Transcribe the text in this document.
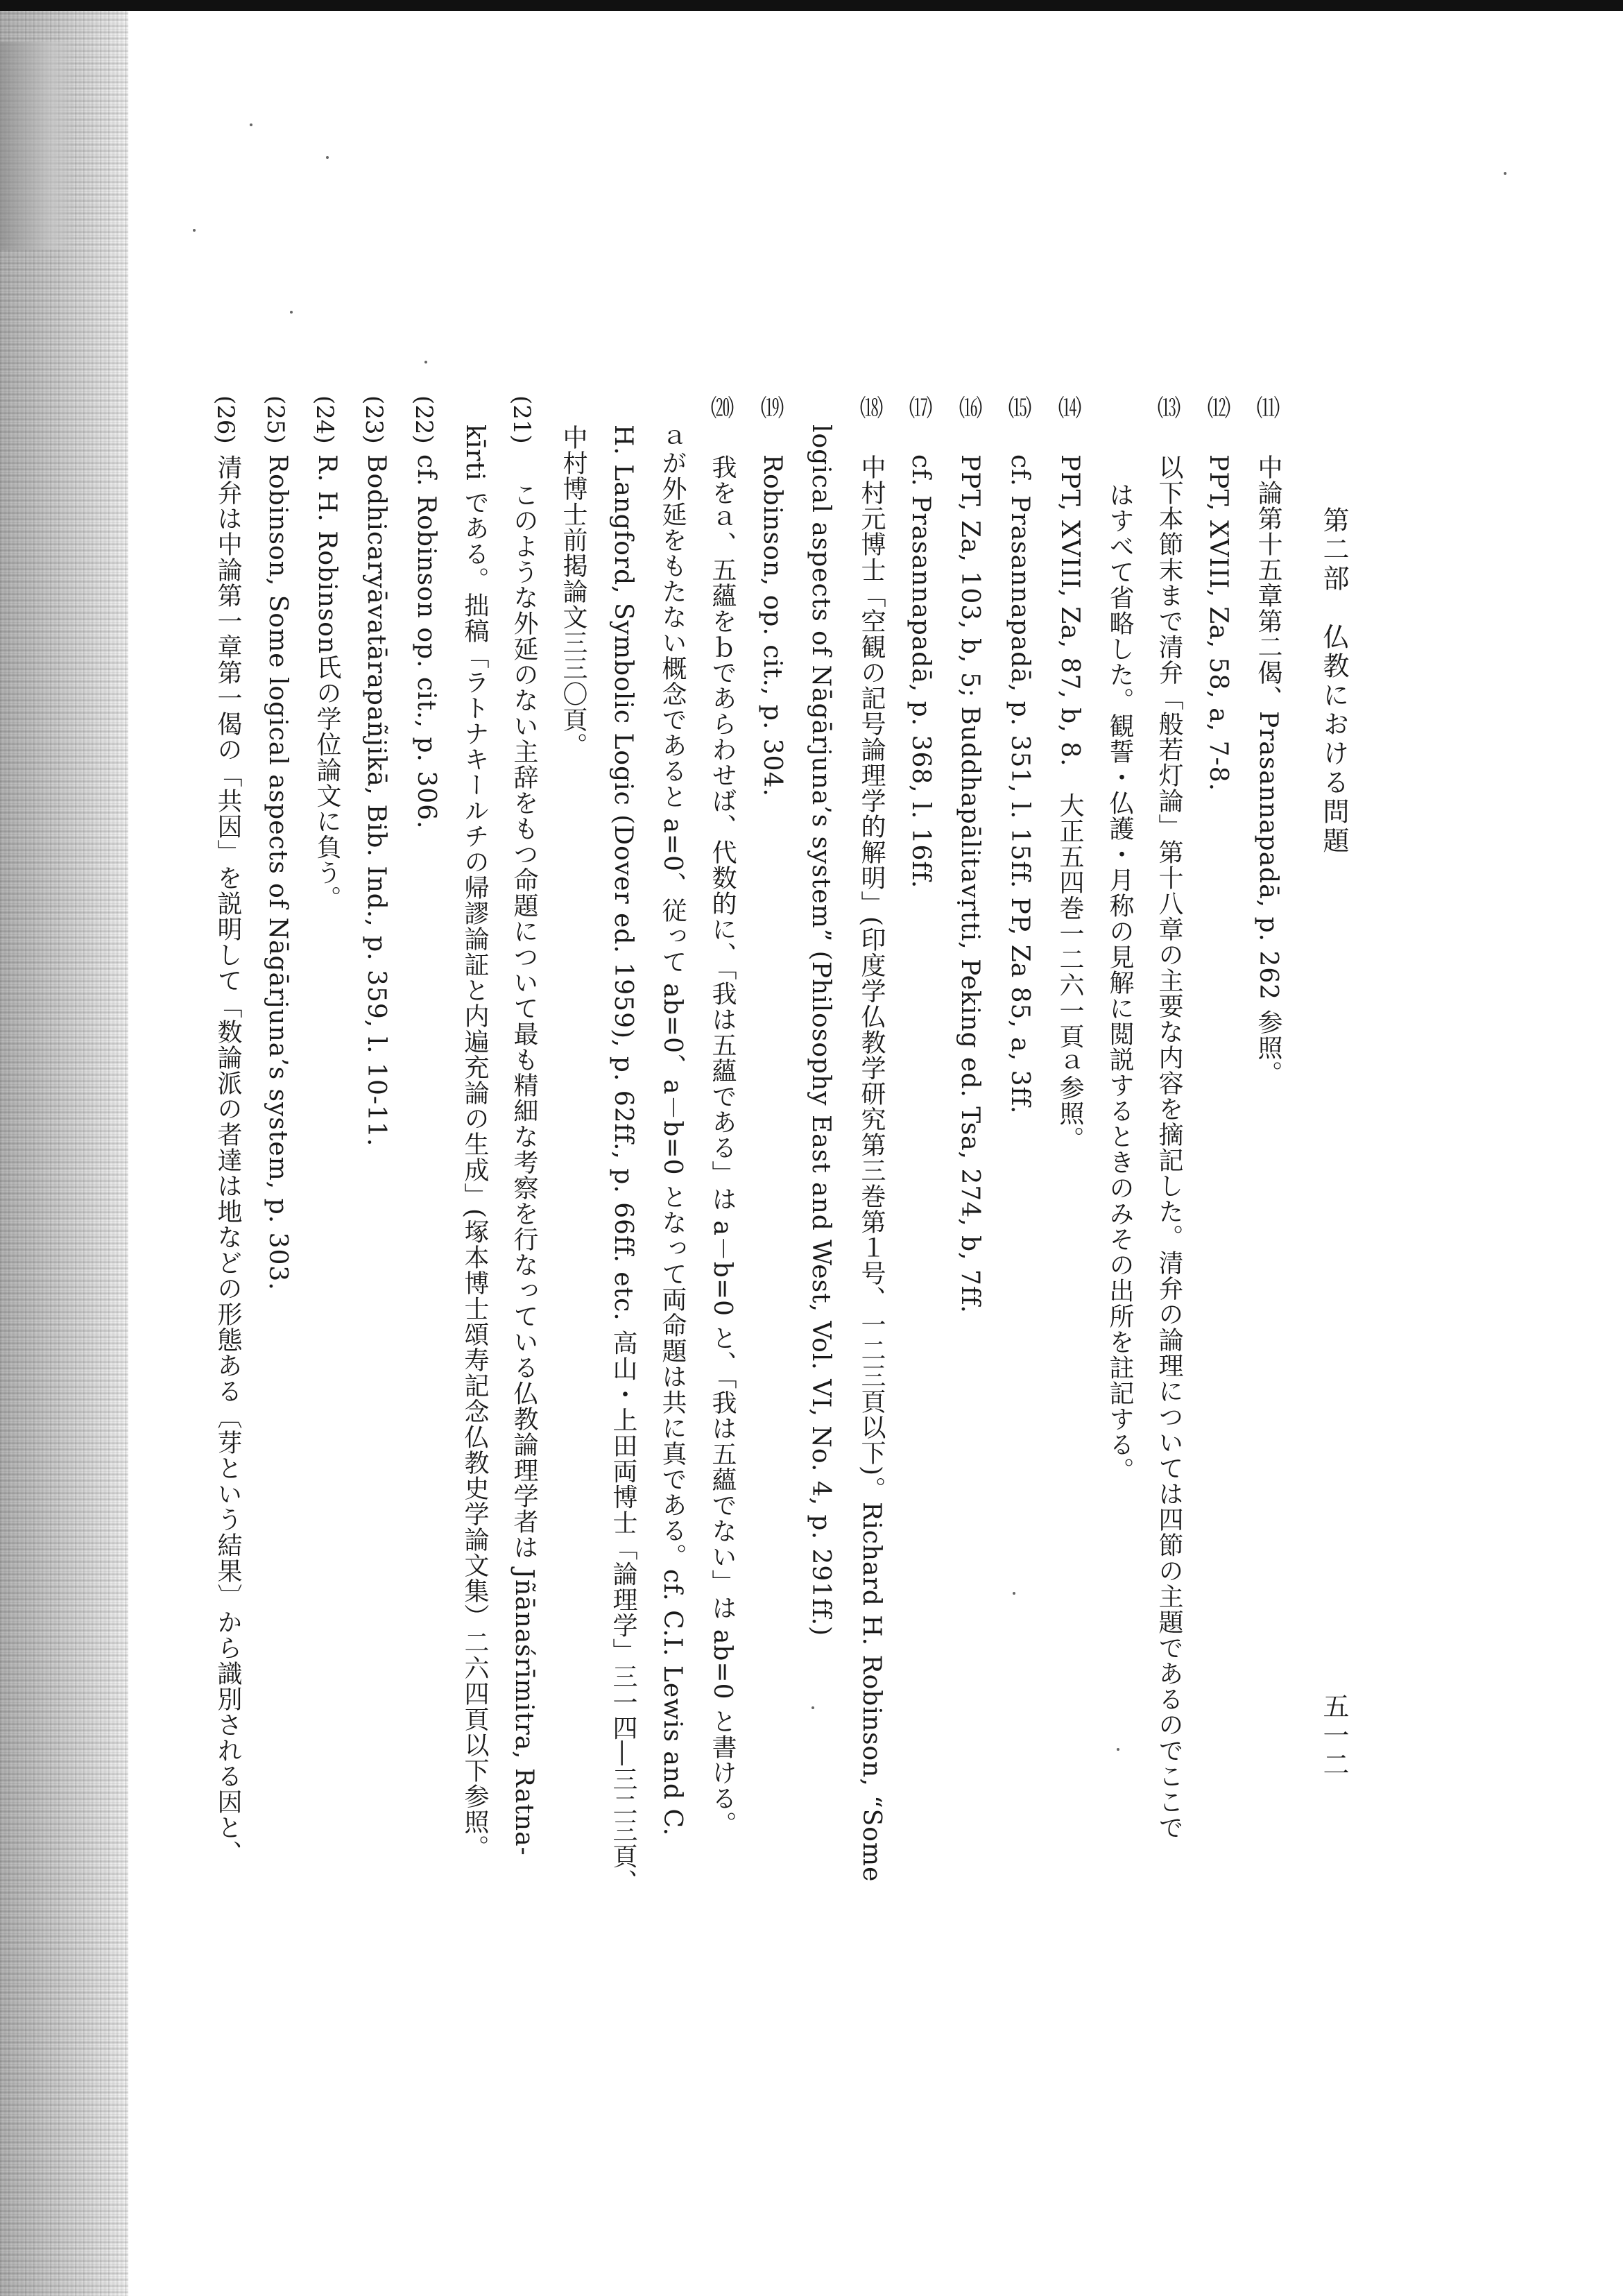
第二部　仏教における問題
五一二
⑾
中論第十五章第二偈、Prasannapadā, p. 262 参照。
⑿
PPT, XVIII, Za, 58, a, 7-8.
⒀
以下本節末まで清弁「般若灯論」第十八章の主要な内容を摘記した。清弁の論理については四節の主題であるのでここで
はすべて省略した。観誓・仏護・月称の見解に閲説するときのみその出所を註記する。
⒁
PPT, XVIII, Za, 87, b, 8.　大正五四巻一二六一頁ａ参照。
⒂
cf. Prasannapadā, p. 351, l. 15ff. PP, Za 85, a, 3ff.
⒃
PPT, Za, 103, b, 5; Buddhapālitavṛtti, Peking ed. Tsa, 274, b, 7ff.
⒄
cf. Prasannapadā, p. 368, l. 16ff.
⒅
中村元博士「空観の記号論理学的解明」(印度学仏教学研究第三巻第１号、一二三頁以下)。Richard H. Robinson, “Some
logical aspects of Nāgārjuna’s system” (Philosophy East and West, Vol. VI, No. 4, p. 291ff.)
⒆
Robinson, op. cit., p. 304.
⒇
我をａ、五蘊をｂであらわせば、代数的に、「我は五蘊である」は a－b=0 と、「我は五蘊でない」は ab=0 と書ける。
ａが外延をもたない概念であると a=0、従って ab=0、a－b=0 となって両命題は共に真である。cf. C.I. Lewis and C.
H. Langford, Symbolic Logic (Dover ed. 1959), p. 62ff., p. 66ff. etc. 高山・上田両博士「論理学」三一四―三二三頁、
中村博士前掲論文三三〇頁。
(21)
このような外延のない主辞をもつ命題について最も精細な考察を行なっている仏教論理学者は Jñānaśrīmitra, Ratna-
kīrti である。拙稿「ラトナキールチの帰謬論証と内遍充論の生成」(塚本博士頌寿記念仏教史学論文集）二六四頁以下参照。
(22)
cf. Robinson op. cit., p. 306.
(23)
Bodhicaryāvatārapañjikā, Bib. Ind., p. 359, l. 10-11.
(24)
R. H. Robinson氏の学位論文に負う。
(25)
Robinson, Some logical aspects of Nāgārjuna’s system, p. 303.
(26)
清弁は中論第一章第一偈の「共因」を説明して「数論派の者達は地などの形態ある〔芽という結果〕から識別される因と、
